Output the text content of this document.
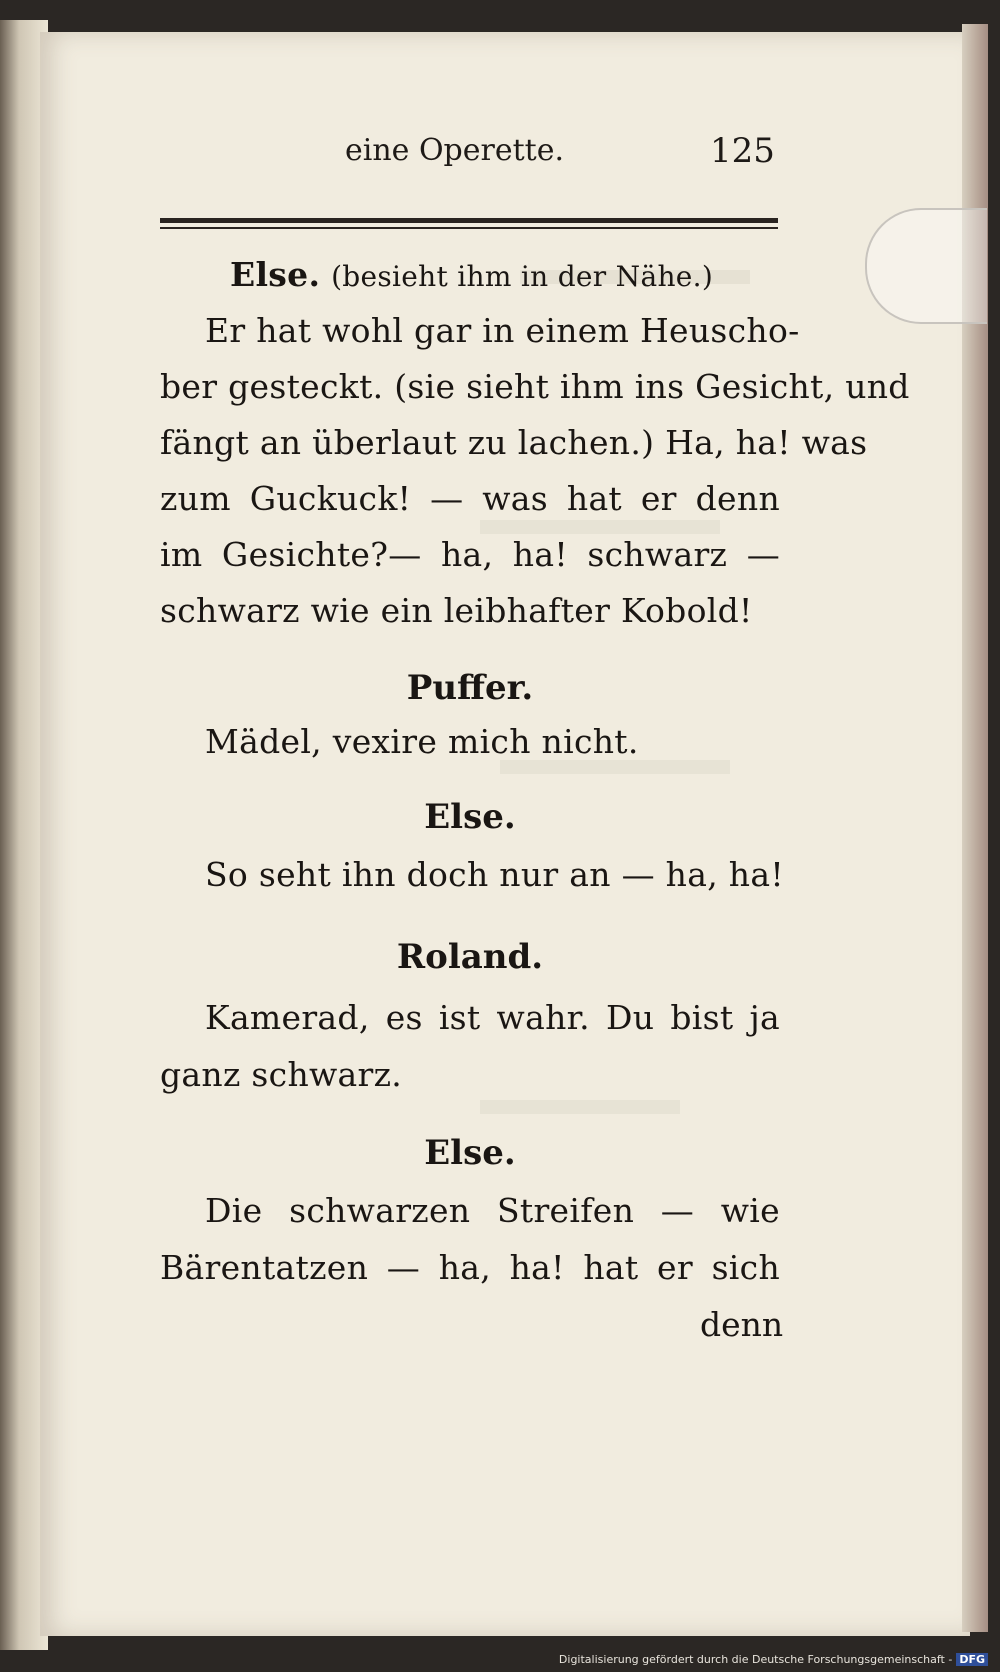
eine Operette.	125
Else. (besieht ihm in der Nähe.)
Er hat wohl gar in einem Heuscho-
ber gesteckt. (sie sieht ihm ins Gesicht, und
fängt an überlaut zu lachen.) Ha, ha! was
zum Guckuck! — was hat er denn
im Gesichte?— ha, ha! schwarz —
schwarz wie ein leibhafter Kobold!
Puffer.
Mädel, vexire mich nicht.
Else.
So seht ihn doch nur an — ha, ha!
Roland.
Kamerad, es ist wahr. Du bist ja
ganz schwarz.
Else.
Die schwarzen Streifen — wie
Bärentatzen — ha, ha! hat er sich
denn
Digitalisierung gefördert durch die Deutsche Forschungsgemeinschaft - DFG
